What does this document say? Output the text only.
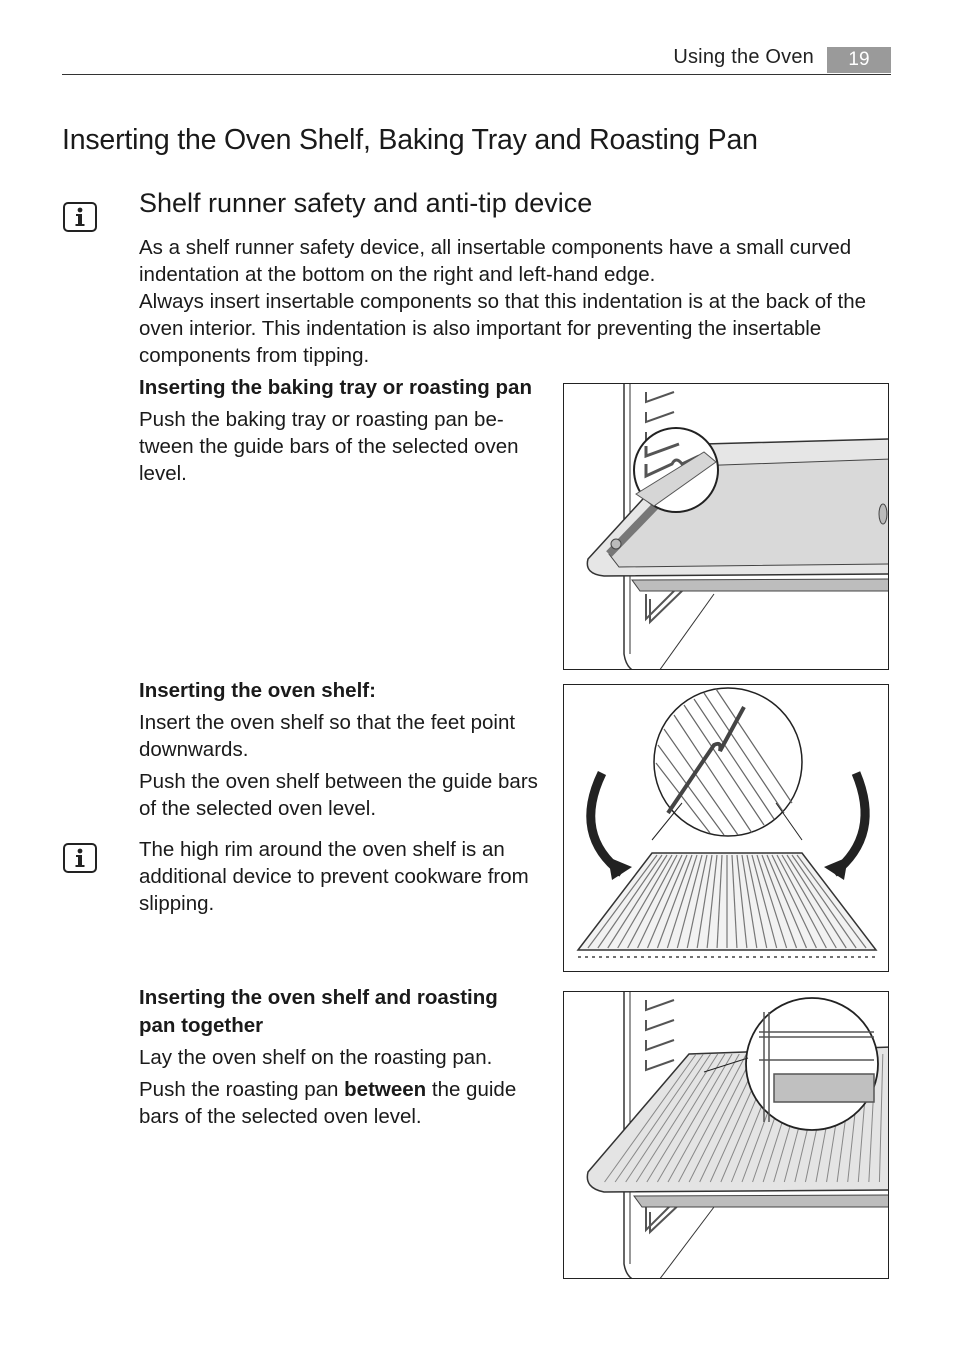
Using the Oven	19
Inserting the Oven Shelf, Baking Tray and Roasting Pan
Shelf runner safety and anti-tip device

As a shelf runner safety device, all insertable components have a small curved indentation at the bottom on the right and left-hand edge.

Always insert insertable components so that this indentation is at the back of the oven interior. This indentation is also important for preventing the insertable components from tipping.

Inserting the baking tray or roasting pan

Push the baking tray or roasting pan be-tween the guide bars of the selected oven level.

Inserting the oven shelf:

Insert the oven shelf so that the feet point downwards.

Push the oven shelf between the guide bars of the selected oven level.

The high rim around the oven shelf is an additional device to prevent cookware from slipping.

Inserting the oven shelf and roasting pan together

Lay the oven shelf on the roasting pan.

Push the roasting pan between the guide bars of the selected oven level.
